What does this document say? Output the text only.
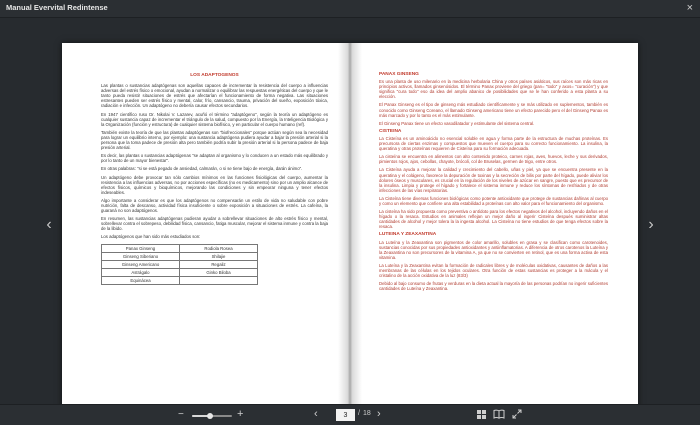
Manual Evervital Redintense	×
‹	›
LOS ADAPTOGENOS

Las plantas o sustancias adaptógenas son aquellas capaces de incrementar la resistencia del cuerpo a influencias adversas del estrés físico o emocional, ayudan a normalizar o equilibrar las respuestas energéticas del cuerpo y que le tanto pueda resistir situaciones de estrés que afectarían el funcionamiento de forma negativa. Las situaciones estresantes pueden ser estrés físico y mental, calor, frío, cansancio, trauma, privación del sueño, exposición tóxica, radiación e infección. Un adaptógeno no debería causar efectos secundarios.

En 1947 científico ruso Dr. Nikolai V. Lazarev, acuñó el término "adaptógeno", según la teoría un adaptógeno es cualquier sustancia capaz de incrementar el triángulo de la salud, compuesto por la Energía, la Inteligencia Biológica y la Organización (función y estructura) de cualquier sistema biofísico, y en particular el cuerpo humano (ref).

También existe la teoría de que las plantas adaptógenas son "biofreccionales" porque actúan según sea la necesidad para lograr un equilibrio interno, por ejemplo: una sustancia adaptógena pudiera ayudar a bajar la presión arterial si la persona que la toma padece de presión alta pero también podría subir la presión arterial si la persona padece de baja presión arterial.

Es decir, las plantas o sustancias adaptógenas "se adaptan al organismo y lo conducen a un estado más equilibrado y por lo tanto de un mayor bienestar".

En otras palabras: "si se está pegado de ansiedad, calmarán, o si se tiene bajo de energía, darán ánimo".

Un adaptógeno debe provocar tan sólo cambios mínimos en las funciones fisiológicas del cuerpo, aumentar la resistencia a las influencias adversas, no por acciones específicas (no es medicamento) sino por un amplio alcance de efectos físicos, químicos y bioquímicos, mejorando las condiciones y sin empeorar ninguna y tener efectos indeseables.

Algo importante a considerar es que los adaptógenos no compensarán un estilo de vida no saludable con pobre nutrición, falta de descanso, actividad física insuficiente o sobre exposición a situaciones de estrés. La cafeína, la guaraná no son adaptógenos.

En resumen, las sustancias adaptógenas pudieran ayudar a sobrellevar situaciones de alto estrés físico y mental, sobrellevar contra el sobrepeso, debilidad física, cansancio, fatiga muscular, mejorar el sistema inmune y contra la baja de la libido.

Los adaptógenos que han sido más estudiados son:

Panax Ginseng	Rodiola Rosea
Ginseng Siberiano	Shilajie
Ginseng Americano	Regaliz
Astrágalo	Ginko Biloba
Equinácea	
PANAX GINSENG

Es una planta de uso milenario en la medicina herbolaria China y otros países asiáticos, sus raíces son más ricas en principios activos, llamados ginsenósidos. El término Panax proviene del griego (pan= "todo" y axos= "curación") y que significa "cura todo" eso da idea del amplio abanico de posibilidades que se le han conferido a esta planta a su elección.

El Panax Ginseng es el tipo de ginseng más estudiado científicamente y se más utilizado en suplementos, también es conocido como Ginseng Coreano, el llamado Ginseng americano tiene un efecto parecido pero el del Ginseng Panax es más marcado y por lo tanto es el más estimulante.

El Ginseng Panax tiene un efecto vasodilatador y estimulante del sistema central.

CISTEINA

La Cisteína es un aminoácido no esencial soluble en agua y forma parte de la estructura de muchas proteínas. Es precursora de ciertas enzimas y compuestos que mueven el cuerpo para su correcto funcionamiento. La insulina, la queratina y otras proteínas requieren de Cisteína para su formación adecuada.

La cisteína se encuentra en alimentos con alto contenido proteico, carnes rojas, aves, huevos, leche y sus derivados, pimientos rojos, ajos, cebollas, chayote, brócoli, col de Bruselas, germen de trigo, entre otros.

La Cisteína ayuda a mejorar la calidad y crecimiento del cabello, uñas y piel, ya que se encuentra presente en la queratina y el colágeno, favorece la depuración de toxinas y la secreción de bilis por parte del hígado, puede aliviar los dolores óseos y musculares, es crucial en la regulación de los niveles de azúcar en sangre, puesto que es precursor de la insulina. Limpia y protege el hígado y fortalece el sistema inmune y reduce los síntomas de resfriados y de otras infecciones de las vías respiratorias.

La Cisteína tiene diversas funciones biológicas como potente antioxidante que protege de sustancias dañinas al cuerpo y como un elemento que confiere una alta estabilidad a proteínas con alto valor para el funcionamiento del organismo.

La cisteína ha sido propuesta como preventiva o antídoto para los efectos negativos del alcohol, incluyendo daños en el hígado o la resaca. Estudios en animales reflejan un mejor daño al ingerir Cisteína después suministrar altas cantidades de alcohol y mejor tolera la la ingesta alcohol. La Cisteína no tiene estudios de que tenga efectos sobre la resaca.

LUTEINA Y ZEAXANTINA

La Luteína y la Zeaxantina son pigmentos de color amarillo, solubles en grasa y se clasifican como carotenoides, sustancias conocidas por sus propiedades antioxidantes y antiinflamatorias. A diferencia de otros carotenos la Luteína y la Zeaxantina no son precursores de la vitamina A, ya que no se convierten en retinol, que es una forma activa de esta vitamina.

La Luteína y la Zeaxantina evitan la formación de radicales libres y de moléculas oxidativas, causantes de daños a las membranas de las células en los tejidos oculares. Otra función de estas sustancias es proteger a la mácula y el cristalino de la acción oxidativa de la luz (83/3)

Debido al bajo consumo de frutas y verduras en la dieta actual la mayoría de las personas podrían no ingerir suficientes cantidades de Luteína y Zeaxantina.

−	+	‹
3	/ 18 ›
